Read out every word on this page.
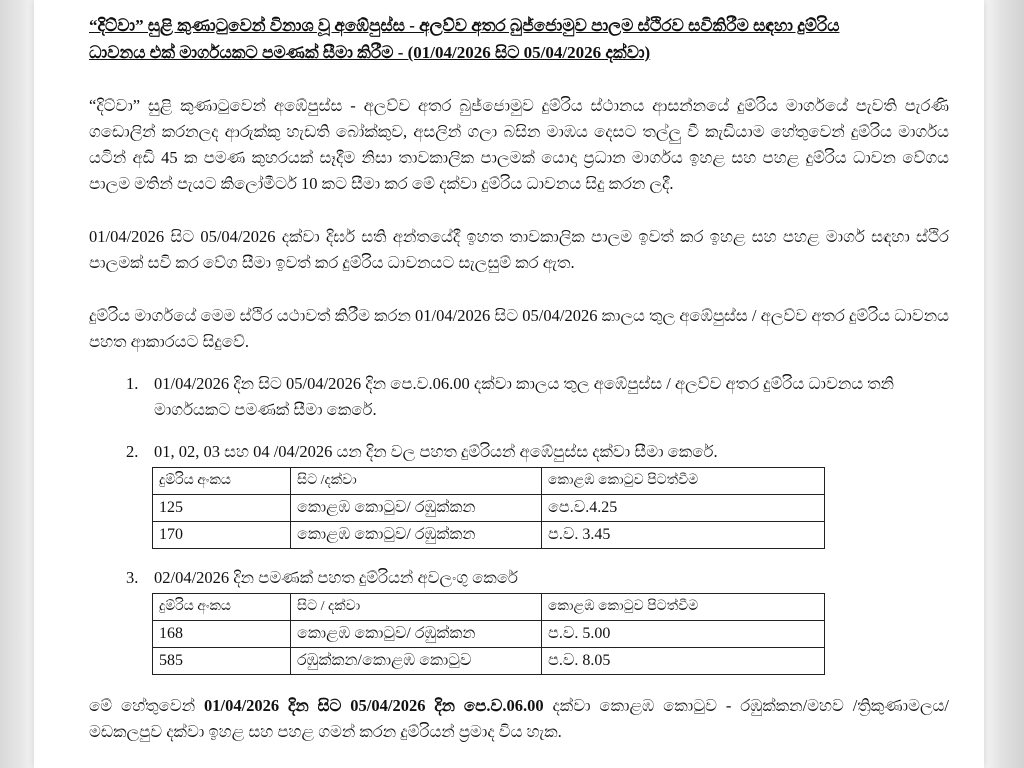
“දිට්වා” සුළි කුණාටුවෙන් විනාශ වූ අඹේපුස්ස - අලව්ව අතර බුජ්ජොමුව පාලම ස්ථිරව සවිකිරීම සඳහා දුම්රිය
ධාවනය එක් මාර්ගයකට පමණක් සීමා කිරීම - (01/04/2026 සිට 05/04/2026 දක්වා)

“දිට්වා” සුළි කුණාටුවෙන් අඹේපුස්ස - අලව්ව අතර බුජ්ජොමුව දුම්රිය ස්ථානය ආසන්නයේ දුම්රිය මාර්ගයේ පැවති පැරණි ගඩොලින් කරනලද ආරුක්කු හැඩති බෝක්කුව, අසලින් ගලා බසින මාඹය දෙසට තල්ලු වී කැඩියාම හේතුවෙන් දුම්රිය මාර්ගය යටින් අඩි 45 ක පමණ කුහරයක් සෑදීම නිසා තාවකාලික පාලමක් යොදා ප්‍රධාන මාර්ගය ඉහළ සහ පහළ දුම්රිය ධාවන වේගය පාලම මතින් පැයට කිලෝමීටර් 10 කට සීමා කර මේ දක්වා දුම්රිය ධාවනය සිදු කරන ලදී.

01/04/2026 සිට 05/04/2026 දක්වා දිර්ඝ සති අන්තයේදී ඉහත තාවකාලික පාලම ඉවත් කර ඉහළ සහ පහළ මාර්ග සඳහා ස්ථිර පාලමක් සවි කර වේග සීමා ඉවත් කර දුම්රිය ධාවනයට සැලසුම් කර ඇත.

දුම්රිය මාර්ගයේ මෙම ස්ථිර යථාවත් කිරීම කරන 01/04/2026 සිට 05/04/2026 කාලය තුල අඹේපුස්ස / අලව්ව අතර දුම්රිය ධාවනය පහත ආකාරයට සිදුවේ.

1. 01/04/2026 දින සිට 05/04/2026 දින පෙ.ව.06.00 දක්වා කාලය තුල අඹේපුස්ස / අලව්ව අතර දුම්රිය ධාවනය තනි මාර්ගයකට පමණක් සීමා කෙරේ.
2. 01, 02, 03 සහ 04 /04/2026 යන දින වල පහත දුම්රියන් අඹේපුස්ස දක්වා සීමා කෙරේ.
දුම්රිය අංකය	සිට /දක්වා	කොළඹ කොටුව පිටත්වීම
125	කොළඹ කොටුව/ රඹුක්කන	පෙ.ව.4.25
170	කොළඹ කොටුව/ රඹුක්කන	ප.ව. 3.45
3. 02/04/2026 දින පමණක් පහත දුම්රියන් අවලංගු කෙරේ
දුම්රිය අංකය	සිට / දක්වා	කොළඹ කොටුව පිටත්වීම
168	කොළඹ කොටුව/ රඹුක්කන	ප.ව. 5.00
585	රඹුක්කන/කොළඹ කොටුව	ප.ව. 8.05

මේ හේතුවෙන් 01/04/2026 දින සිට 05/04/2026 දින පෙ.ව.06.00 දක්වා කොළඹ කොටුව - රඹුක්කන/මහව /ත්‍රිකුණාමලය/මඩකලපුව දක්වා ඉහළ සහ පහළ ගමන් කරන දුම්රියන් ප්‍රමාද විය හැක.
